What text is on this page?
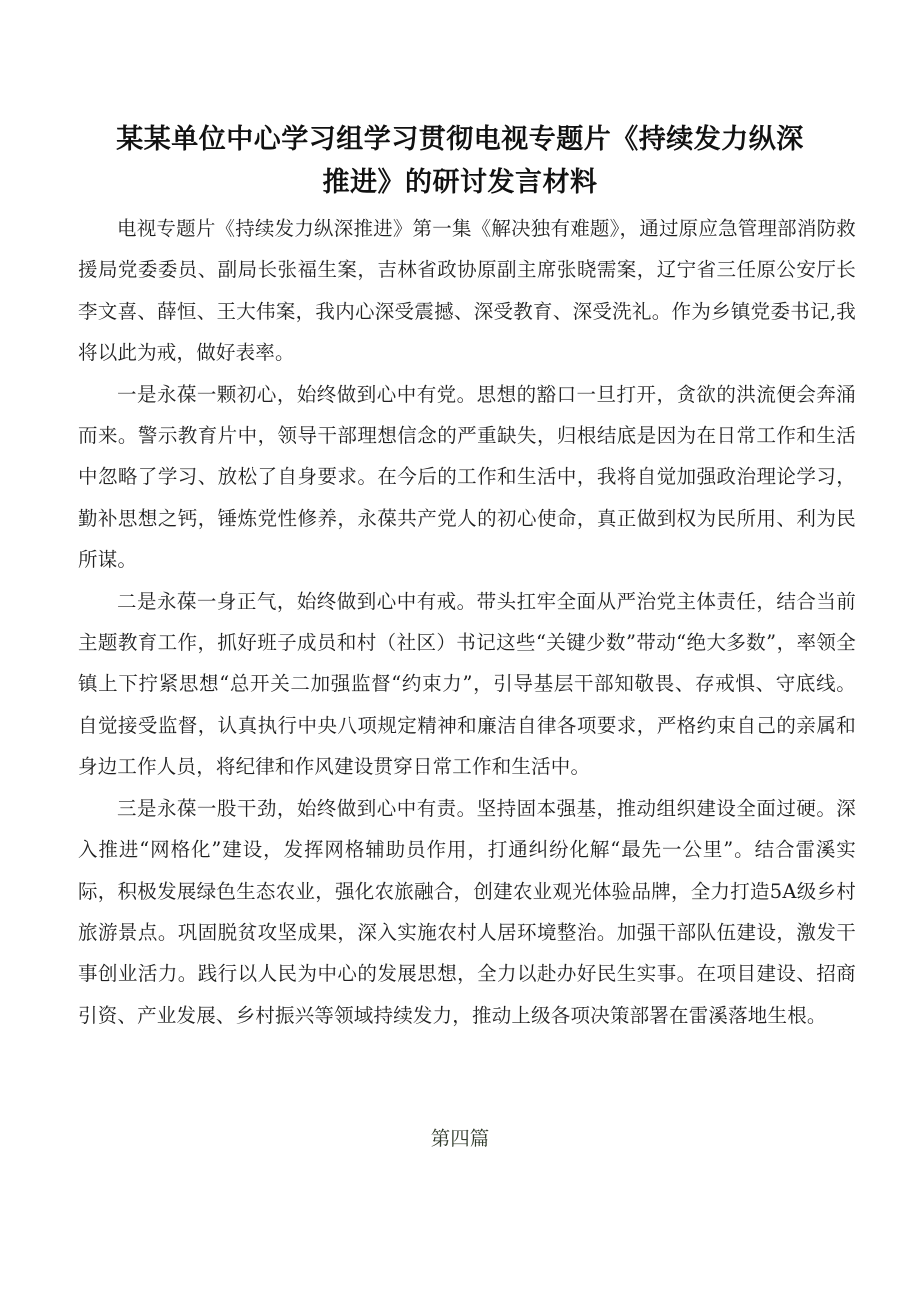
某某单位中心学习组学习贯彻电视专题片《持续发力纵深
推进》的研讨发言材料

电视专题片《持续发力纵深推进》第一集《解决独有难题》，通过原应急管理部消防救援局党委委员、副局长张福生案，吉林省政协原副主席张晓需案，辽宁省三任原公安厅长李文喜、薛恒、王大伟案，我内心深受震撼、深受教育、深受洗礼。作为乡镇党委书记,我将以此为戒，做好表率。

一是永葆一颗初心，始终做到心中有党。思想的豁口一旦打开，贪欲的洪流便会奔涌而来。警示教育片中，领导干部理想信念的严重缺失，归根结底是因为在日常工作和生活中忽略了学习、放松了自身要求。在今后的工作和生活中，我将自觉加强政治理论学习，勤补思想之钙，锤炼党性修养，永葆共产党人的初心使命，真正做到权为民所用、利为民所谋。

二是永葆一身正气，始终做到心中有戒。带头扛牢全面从严治党主体责任，结合当前主题教育工作，抓好班子成员和村（社区）书记这些“关键少数”带动“绝大多数”，率领全镇上下拧紧思想“总开关二加强监督“约束力”，引导基层干部知敬畏、存戒惧、守底线。自觉接受监督，认真执行中央八项规定精神和廉洁自律各项要求，严格约束自己的亲属和身边工作人员，将纪律和作风建设贯穿日常工作和生活中。

三是永葆一股干劲，始终做到心中有责。坚持固本强基，推动组织建设全面过硬。深入推进“网格化”建设，发挥网格辅助员作用，打通纠纷化解“最先一公里”。结合雷溪实际，积极发展绿色生态农业，强化农旅融合，创建农业观光体验品牌，全力打造5A级乡村旅游景点。巩固脱贫攻坚成果，深入实施农村人居环境整治。加强干部队伍建设，激发干事创业活力。践行以人民为中心的发展思想，全力以赴办好民生实事。在项目建设、招商引资、产业发展、乡村振兴等领域持续发力，推动上级各项决策部署在雷溪落地生根。

第四篇
